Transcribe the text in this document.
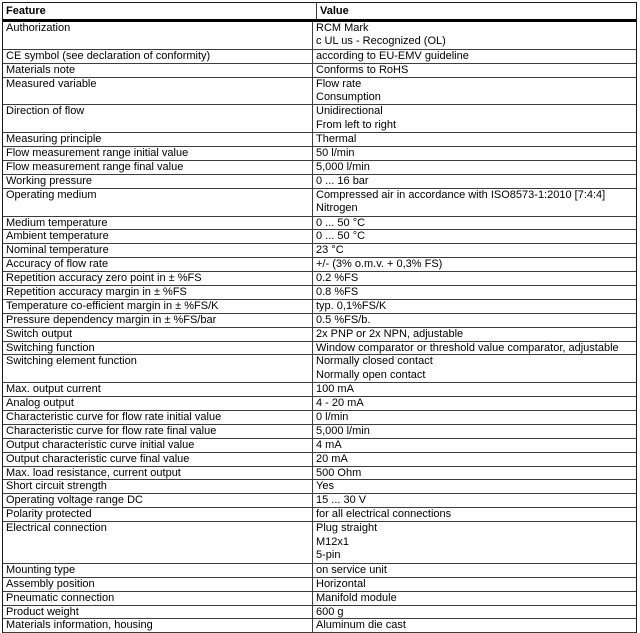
Feature	Value
Authorization	RCM Mark
c UL us - Recognized (OL)
CE symbol (see declaration of conformity)	according to EU-EMV guideline
Materials note	Conforms to RoHS
Measured variable	Flow rate
Consumption
Direction of flow	Unidirectional
From left to right
Measuring principle	Thermal
Flow measurement range initial value	50 l/min
Flow measurement range final value	5,000 l/min
Working pressure	0 ... 16 bar
Operating medium	Compressed air in accordance with ISO8573-1:2010 [7:4:4]
Nitrogen
Medium temperature	0 ... 50 °C
Ambient temperature	0 ... 50 °C
Nominal temperature	23 °C
Accuracy of flow rate	+/- (3% o.m.v. + 0,3% FS)
Repetition accuracy zero point in ± %FS	0.2 %FS
Repetition accuracy margin in ± %FS	0.8 %FS
Temperature co-efficient margin in ± %FS/K	typ. 0,1%FS/K
Pressure dependency margin in ± %FS/bar	0.5 %FS/b.
Switch output	2x PNP or 2x NPN, adjustable
Switching function	Window comparator or threshold value comparator, adjustable
Switching element function	Normally closed contact
Normally open contact
Max. output current	100 mA
Analog output	4 - 20 mA
Characteristic curve for flow rate initial value	0 l/min
Characteristic curve for flow rate final value	5,000 l/min
Output characteristic curve initial value	4 mA
Output characteristic curve final value	20 mA
Max. load resistance, current output	500 Ohm
Short circuit strength	Yes
Operating voltage range DC	15 ... 30 V
Polarity protected	for all electrical connections
Electrical connection	Plug straight
M12x1
5-pin
Mounting type	on service unit
Assembly position	Horizontal
Pneumatic connection	Manifold module
Product weight	600 g
Materials information, housing	Aluminum die cast
